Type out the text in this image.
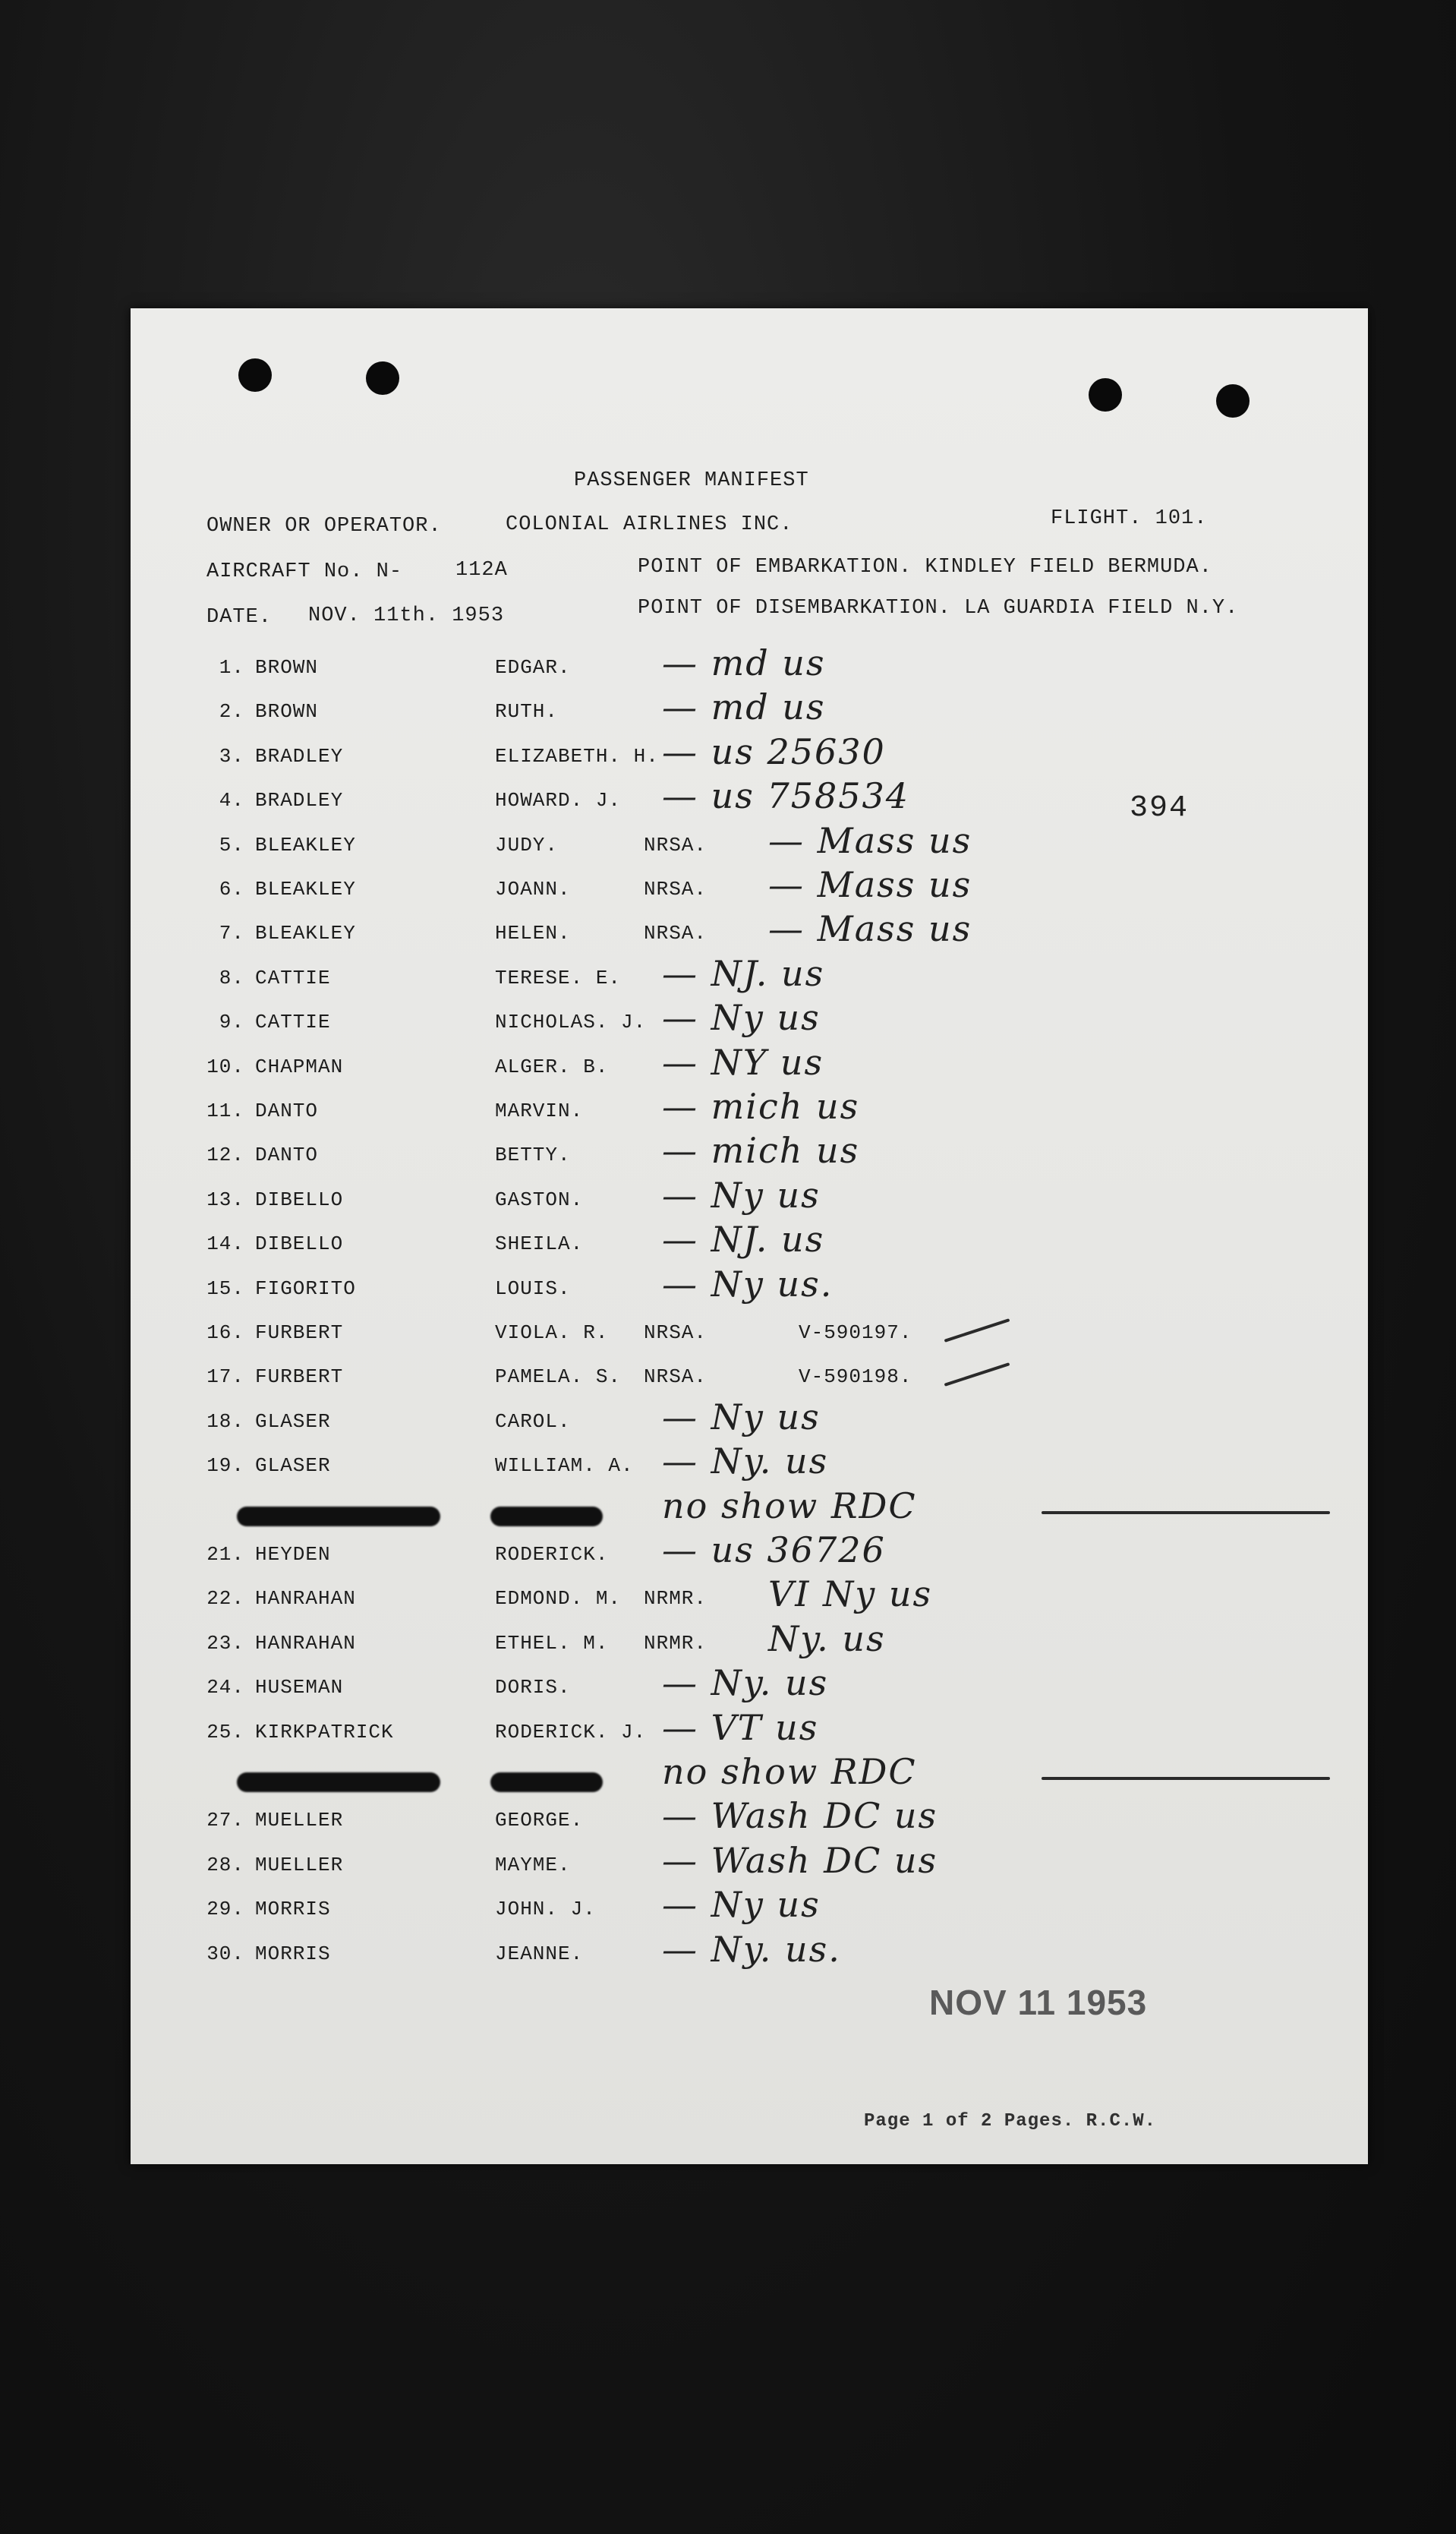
PASSENGER MANIFEST
OWNER OR OPERATOR.	COLONIAL AIRLINES INC.	FLIGHT. 101.
AIRCRAFT No. N-	112A	POINT OF EMBARKATION. KINDLEY FIELD BERMUDA.
DATE. NOV. 11th. 1953	POINT OF DISEMBARKATION. LA GUARDIA FIELD N.Y.
394
1. BROWN	EDGAR.	— md us
2. BROWN	RUTH.	— md us
3. BRADLEY	ELIZABETH. H. — us 25630
4. BRADLEY	HOWARD. J. — us 758534
5. BLEAKLEY	JUDY.	NRSA. — Mass us
6. BLEAKLEY	JOANN.	NRSA. — Mass us
7. BLEAKLEY	HELEN.	NRSA. — Mass us
8. CATTIE	TERESE. E. — NJ. us
9. CATTIE	NICHOLAS. J. — Ny us
10. CHAPMAN	ALGER. B. — NY us
11. DANTO	MARVIN. — mich us
12. DANTO	BETTY.	— mich us
13. DIBELLO	GASTON. — Ny us
14. DIBELLO	SHEILA. — NJ. us
15. FIGORITO	LOUIS.	— Ny us.
16. FURBERT	VIOLA. R. NRSA.	V-590197.
17. FURBERT	PAMELA. S. NRSA.	V-590198.
18. GLASER	CAROL.	— Ny us
19. GLASER	WILLIAM. A. — Ny. us
no show RDC
21. HEYDEN	RODERICK. — us 36726
22. HANRAHAN	EDMOND. M. NRMR. VI Ny us
23. HANRAHAN	ETHEL. M. NRMR. Ny. us
24. HUSEMAN	DORIS.	— Ny. us
25. KIRKPATRICK	RODERICK. J. — VT us
no show RDC
27. MUELLER	GEORGE. — Wash DC us
28. MUELLER	MAYME.	— Wash DC us
29. MORRIS	JOHN. J. — Ny us
30. MORRIS	JEANNE. — Ny. us.
NOV 11 1953
Page 1 of 2 Pages. R.C.W.
